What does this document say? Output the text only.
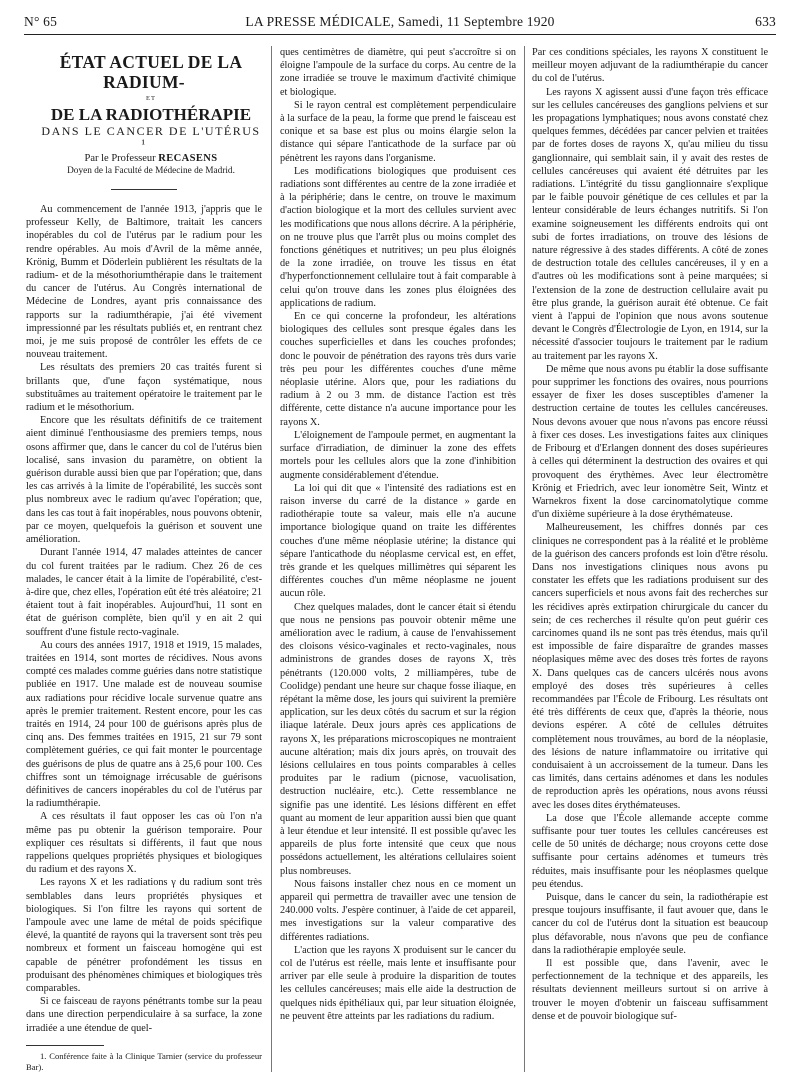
N° 65	LA PRESSE MÉDICALE, Samedi, 11 Septembre 1920	633

ÉTAT ACTUEL DE LA RADIUM-

ET

DE LA RADIOTHÉRAPIE

DANS LE CANCER DE L'UTÉRUS ¹

Par le Professeur RECASENS

Doyen de la Faculté de Médecine de Madrid.

Au commencement de l'année 1913, j'appris que le professeur Kelly, de Baltimore, traitait les cancers inopérables du col de l'utérus par le radium pour les rendre opérables. Au mois d'Avril de la même année, Krönig, Bumm et Döderlein publièrent les résultats de la radium- et de la mésothoriumthérapie dans le traitement du cancer de l'utérus. Au Congrès international de Médecine de Londres, ayant pris connaissance des rapports sur la radiumthérapie, j'ai été vivement impressionné par les résultats publiés et, en rentrant chez moi, je me suis proposé de contrôler les effets de ce nouveau traitement.

Les résultats des premiers 20 cas traités furent si brillants que, d'une façon systématique, nous substituâmes au traitement opératoire le traitement par le radium et le mésothorium.

Encore que les résultats définitifs de ce traitement aient diminué l'enthousiasme des premiers temps, nous osons affirmer que, dans le cancer du col de l'utérus bien localisé, sans invasion du paramètre, on obtient la guérison durable aussi bien que par l'opération; que, dans les cas arrivés à la limite de l'opérabilité, les succès sont plus nombreux avec le radium qu'avec l'opération; que, dans les cas tout à fait inopérables, nous pouvons obtenir, par ce moyen, quelquefois la guérison et souvent une amélioration.

Durant l'année 1914, 47 malades atteintes de cancer du col furent traitées par le radium. Chez 26 de ces malades, le cancer était à la limite de l'opérabilité, c'est-à-dire que, chez elles, l'opération eût été très aléatoire; 21 étaient tout à fait inopérables. Aujourd'hui, 11 sont en état de guérison complète, bien qu'il y en ait 2 qui souffrent d'une fistule recto-vaginale.

Au cours des années 1917, 1918 et 1919, 15 malades, traitées en 1914, sont mortes de récidives. Nous avons compté ces malades comme guéries dans notre statistique publiée en 1917. Une malade est de nouveau soumise aux radiations pour récidive locale survenue quatre ans après le premier traitement. Restent encore, pour les cas traités en 1914, 24 pour 100 de guérisons après plus de cinq ans. Des femmes traitées en 1915, 21 sur 79 sont complètement guéries, ce qui fait monter le pourcentage des guérisons de plus de quatre ans à 25,6 pour 100. Ces chiffres sont un témoignage irrécusable de guérisons définitives de cancers inopérables du col de l'utérus par la radiumthérapie.

A ces résultats il faut opposer les cas où l'on n'a même pas pu obtenir la guérison temporaire. Pour expliquer ces résultats si différents, il faut que nous rappelions quelques propriétés physiques et biologiques du radium et des rayons X.

Les rayons X et les radiations γ du radium sont très semblables dans leurs propriétés physiques et biologiques. Si l'on filtre les rayons qui sortent de l'ampoule avec une lame de métal de poids spécifique élevé, la quantité de rayons qui la traversent sont très peu nombreux et forment un faisceau homogène qui est capable de pénétrer profondément les tissus en produisant des phénomènes chimiques et biologiques très comparables.

Si ce faisceau de rayons pénétrants tombe sur la peau dans une direction perpendiculaire à sa surface, la zone irradiée a une étendue de quel-

1. Conférence faite à la Clinique Tarnier (service du professeur Bar).

ques centimètres de diamètre, qui peut s'accroître si on éloigne l'ampoule de la surface du corps. Au centre de la zone irradiée se trouve le maximum d'activité chimique et biologique.

Si le rayon central est complètement perpendiculaire à la surface de la peau, la forme que prend le faisceau est conique et sa base est plus ou moins élargie selon la distance qui sépare l'anticathode de la surface par où pénètrent les rayons dans l'organisme.

Les modifications biologiques que produisent ces radiations sont différentes au centre de la zone irradiée et à la périphérie; dans le centre, on trouve le maximum d'action biologique et la mort des cellules survient avec les modifications que nous allons décrire. A la périphérie, on ne trouve plus que l'arrêt plus ou moins complet des fonctions génétiques et nutritives; un peu plus éloignés de la zone irradiée, on trouve les tissus en état d'hyperfonctionnement cellulaire tout à fait comparable à celui qu'on trouve dans les zones plus éloignées des applications de radium.

En ce qui concerne la profondeur, les altérations biologiques des cellules sont presque égales dans les couches superficielles et dans les couches profondes; donc le pouvoir de pénétration des rayons très durs varie très peu pour les différentes couches d'une même néoplasie utérine. Alors que, pour les radiations du radium à 2 ou 3 mm. de distance l'action est très différente, cette distance n'a aucune importance pour les rayons X.

L'éloignement de l'ampoule permet, en augmentant la surface d'irradiation, de diminuer la zone des effets mortels pour les cellules alors que la zone d'inhibition augmente considérablement d'étendue.

La loi qui dit que « l'intensité des radiations est en raison inverse du carré de la distance » garde en radiothérapie toute sa valeur, mais elle n'a aucune importance biologique quand on traite les différentes couches d'une même néoplasie utérine; la distance qui sépare l'anticathode du néoplasme cervical est, en effet, très grande et les quelques millimètres qui séparent les différentes couches d'un même néoplasme ne jouent aucun rôle.

Chez quelques malades, dont le cancer était si étendu que nous ne pensions pas pouvoir obtenir même une amélioration avec le radium, à cause de l'envahissement des cloisons vésico-vaginales et recto-vaginales, nous administrons de grandes doses de rayons X, très pénétrants (120.000 volts, 2 milliampères, tube de Coolidge) pendant une heure sur chaque fosse iliaque, en répétant la même dose, les jours qui suivirent la première application, sur les deux côtés du sacrum et sur la région iliaque latérale. Deux jours après ces applications de rayons X, les préparations microscopiques ne montraient aucune altération; mais dix jours après, on trouvait des lésions cellulaires en tous points comparables à celles produites par le radium (picnose, vacuolisation, destruction nucléaire, etc.). Cette ressemblance ne signifie pas une identité. Les lésions diffèrent en effet quant au moment de leur apparition aussi bien que quant à leur étendue et leur intensité. Il est possible qu'avec les appareils de plus forte intensité que ceux que nous possédons actuellement, les altérations cellulaires soient plus nombreuses.

Nous faisons installer chez nous en ce moment un appareil qui permettra de travailler avec une tension de 240.000 volts. J'espère continuer, à l'aide de cet appareil, mes investigations sur la valeur comparative des différentes radiations.

L'action que les rayons X produisent sur le cancer du col de l'utérus est réelle, mais lente et insuffisante pour arriver par elle seule à produire la disparition de toutes les cellules cancéreuses; mais elle aide la destruction de quelques nids épithéliaux qui, par leur situation éloignée, ne peuvent être atteints par les radiations du radium.

Par ces conditions spéciales, les rayons X constituent le meilleur moyen adjuvant de la radiumthérapie du cancer du col de l'utérus.

Les rayons X agissent aussi d'une façon très efficace sur les cellules cancéreuses des ganglions pelviens et sur les propagations lymphatiques; nous avons constaté chez quelques femmes, décédées par cancer pelvien et traitées par de fortes doses de rayons X, qu'au milieu du tissu ganglionnaire, qui semblait sain, il y avait des restes de cellules cancéreuses qui avaient été détruites par les radiations. L'intégrité du tissu ganglionnaire s'explique par le faible pouvoir génétique de ces cellules et par la lenteur considérable de leurs échanges nutritifs. Si l'on examine soigneusement les différents endroits qui ont subi de fortes irradiations, on trouve des lésions de nature régressive à des stades différents. A côté de zones de destruction totale des cellules cancéreuses, il y en a d'autres où les modifications sont à peine marquées; si l'extension de la zone de destruction cellulaire avait pu être plus grande, la guérison aurait été obtenue. Ce fait vient à l'appui de l'opinion que nous avons soutenue devant le Congrès d'Électrologie de Lyon, en 1914, sur la nécessité d'associer toujours le traitement par le radium au traitement par les rayons X.

De même que nous avons pu établir la dose suffisante pour supprimer les fonctions des ovaires, nous pourrions essayer de fixer les doses susceptibles d'amener la destruction certaine de toutes les cellules cancéreuses. Nous devons avouer que nous n'avons pas encore réussi à fixer ces doses. Les investigations faites aux cliniques de Fribourg et d'Erlangen donnent des doses supérieures à celles qui déterminent la destruction des ovaires et qui provoquent des érythèmes. Avec leur électromètre Krönig et Friedrich, avec leur ionomètre Seit, Wintz et Warnekros fixent la dose carcinomatolytique comme d'un dixième supérieure à la dose érythémateuse.

Malheureusement, les chiffres donnés par ces cliniques ne correspondent pas à la réalité et le problème de la guérison des cancers profonds est loin d'être résolu. Dans nos investigations cliniques nous avons pu constater les effets que les radiations produisent sur des cancers superficiels et nous avons fait des recherches sur les récidives après extirpation chirurgicale du cancer du sein; de ces recherches il résulte qu'on peut guérir ces carcinomes quand ils ne sont pas très étendus, mais qu'il est impossible de faire disparaître de grandes masses néoplasiques même avec des doses très fortes de rayons X. Dans quelques cas de cancers ulcérés nous avons employé des doses très supérieures à celles recommandées par l'École de Fribourg. Les résultats ont été très différents de ceux que, d'après la théorie, nous devions espérer. A côté de cellules détruites complètement nous trouvâmes, au bord de la néoplasie, des lésions de nature inflammatoire ou irritative qui conduisaient à un accroissement de la tumeur. Dans les cas limités, dans certains adénomes et dans les nodules de reproduction après les opérations, nous avons réussi avec les doses dites érythémateuses.

La dose que l'École allemande accepte comme suffisante pour tuer toutes les cellules cancéreuses est celle de 50 unités de décharge; nous croyons cette dose suffisante pour certains adénomes et tumeurs très réduites, mais insuffisante pour les néoplasmes quelque peu étendus.

Puisque, dans le cancer du sein, la radiothérapie est presque toujours insuffisante, il faut avouer que, dans le cancer du col de l'utérus dont la situation est beaucoup plus défavorable, nous n'avons que peu de confiance dans la radiothérapie employée seule.

Il est possible que, dans l'avenir, avec le perfectionnement de la technique et des appareils, les résultats deviennent meilleurs surtout si on arrive à trouver le moyen d'obtenir un faisceau suffisamment dense et de pouvoir biologique suf-
